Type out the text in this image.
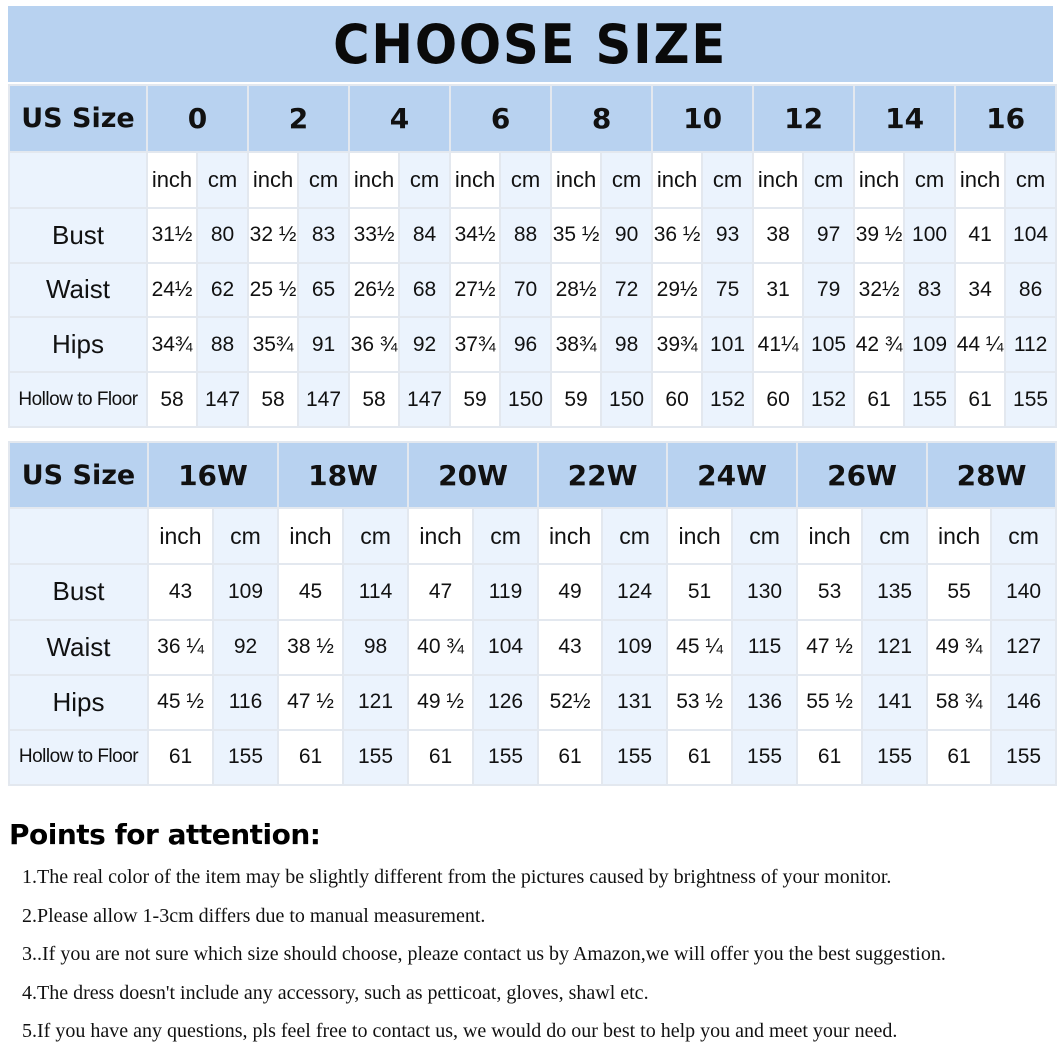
CHOOSE SIZE
US Size	0		2		4		6		8		10		12		14		16	
	inch	cm	inch	cm	inch	cm	inch	cm	inch	cm	inch	cm	inch	cm	inch	cm	inch	cm
Bust	31½	80	32 ½	83	33½	84	34½	88	35 ½	90	36 ½	93	38	97	39 ½	100	41	104
Waist	24½	62	25 ½	65	26½	68	27½	70	28½	72	29½	75	31	79	32½	83	34	86
Hips	34¾	88	35¾	91	36 ¾	92	37¾	96	38¾	98	39¾	101	41¼	105	42 ¾	109	44 ¼	112
Hollow to Floor	58	147	58	147	58	147	59	150	59	150	60	152	60	152	61	155	61	155
US Size	16W		18W		20W		22W		24W		26W		28W	
	inch	cm	inch	cm	inch	cm	inch	cm	inch	cm	inch	cm	inch	cm
Bust	43	109	45	114	47	119	49	124	51	130	53	135	55	140
Waist	36 ¼	92	38 ½	98	40 ¾	104	43	109	45 ¼	115	47 ½	121	49 ¾	127
Hips	45 ½	116	47 ½	121	49 ½	126	52½	131	53 ½	136	55 ½	141	58 ¾	146
Hollow to Floor	61	155	61	155	61	155	61	155	61	155	61	155	61	155
Points for attention:
1.The real color of the item may be slightly different from the pictures caused by brightness of your monitor.
2.Please allow 1-3cm differs due to manual measurement.
3..If you are not sure which size should choose, pleaze contact us by Amazon,we will offer you the best suggestion.
4.The dress doesn't include any accessory, such as petticoat, gloves, shawl etc.
5.If you have any questions, pls feel free to contact us, we would do our best to help you and meet your need.
